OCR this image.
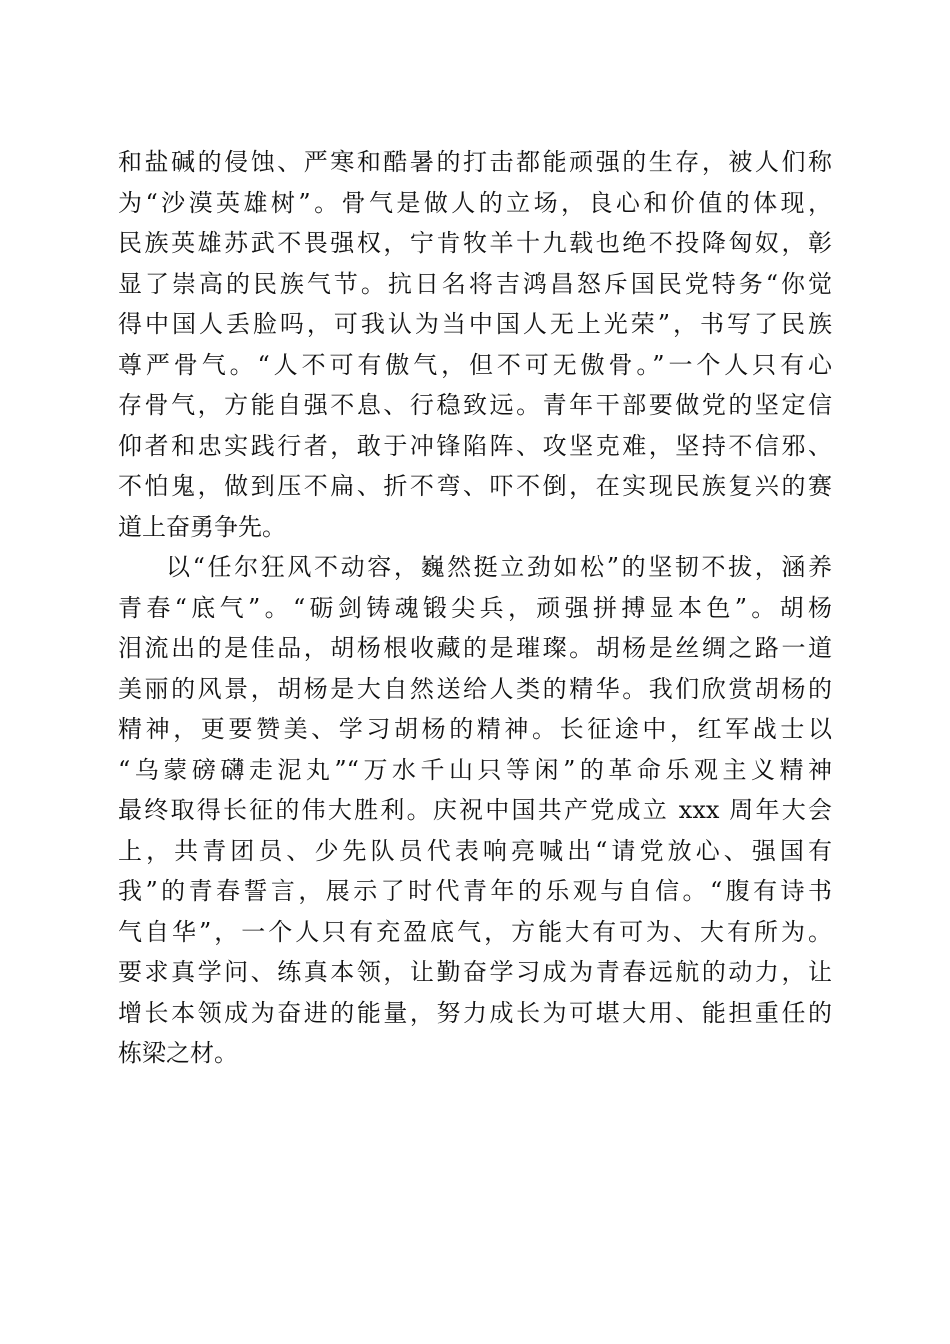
和盐碱的侵蚀、严寒和酷暑的打击都能顽强的生存，被人们称
为“沙漠英雄树”。骨气是做人的立场，良心和价值的体现，
民族英雄苏武不畏强权，宁肯牧羊十九载也绝不投降匈奴，彰
显了崇高的民族气节。抗日名将吉鸿昌怒斥国民党特务“你觉
得中国人丢脸吗，可我认为当中国人无上光荣”，书写了民族
尊严骨气。“人不可有傲气，但不可无傲骨。”一个人只有心
存骨气，方能自强不息、行稳致远。青年干部要做党的坚定信
仰者和忠实践行者，敢于冲锋陷阵、攻坚克难，坚持不信邪、
不怕鬼，做到压不扁、折不弯、吓不倒，在实现民族复兴的赛
道上奋勇争先。
以“任尔狂风不动容，巍然挺立劲如松”的坚韧不拔，涵养
青春“底气”。“砺剑铸魂锻尖兵，顽强拼搏显本色”。胡杨
泪流出的是佳品，胡杨根收藏的是璀璨。胡杨是丝绸之路一道
美丽的风景，胡杨是大自然送给人类的精华。我们欣赏胡杨的
精神，更要赞美、学习胡杨的精神。长征途中，红军战士以
“乌蒙磅礴走泥丸”“万水千山只等闲”的革命乐观主义精神
最终取得长征的伟大胜利。庆祝中国共产党成立 xxx 周年大会
上，共青团员、少先队员代表响亮喊出“请党放心、强国有
我”的青春誓言，展示了时代青年的乐观与自信。“腹有诗书
气自华”，一个人只有充盈底气，方能大有可为、大有所为。
要求真学问、练真本领，让勤奋学习成为青春远航的动力，让
增长本领成为奋进的能量，努力成长为可堪大用、能担重任的
栋梁之材。
